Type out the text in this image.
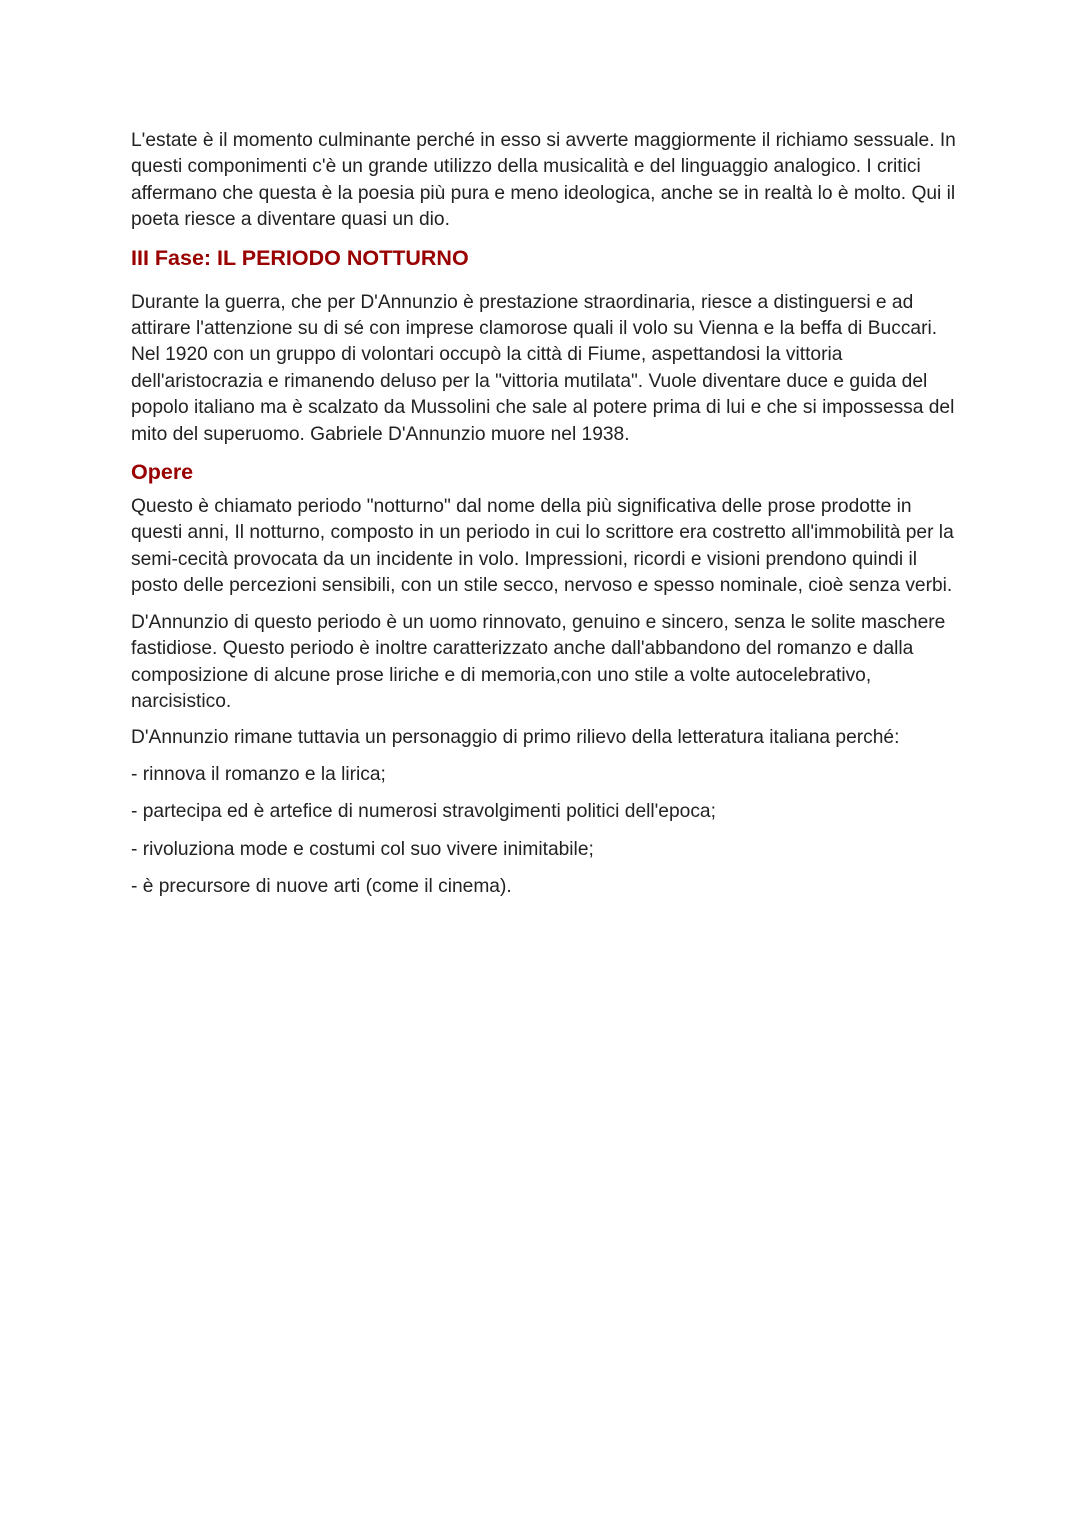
L'estate è il momento culminante perché in esso si avverte maggiormente il richiamo sessuale. In questi componimenti c'è un grande utilizzo della musicalità e del linguaggio analogico. I critici affermano che questa è la poesia più pura e meno ideologica, anche se in realtà lo è molto. Qui il poeta riesce a diventare quasi un dio.

III Fase: IL PERIODO NOTTURNO

Durante la guerra, che per D'Annunzio è prestazione straordinaria, riesce a distinguersi e ad attirare l'attenzione su di sé con imprese clamorose quali il volo su Vienna e la beffa di Buccari. Nel 1920 con un gruppo di volontari occupò la città di Fiume, aspettandosi la vittoria dell'aristocrazia e rimanendo deluso per la "vittoria mutilata". Vuole diventare duce e guida del popolo italiano ma è scalzato da Mussolini che sale al potere prima di lui e che si impossessa del mito del superuomo. Gabriele D'Annunzio muore nel 1938.

Opere

Questo è chiamato periodo "notturno" dal nome della più significativa delle prose prodotte in questi anni, Il notturno, composto in un periodo in cui lo scrittore era costretto all'immobilità per la semi-cecità provocata da un incidente in volo. Impressioni, ricordi e visioni prendono quindi il posto delle percezioni sensibili, con un stile secco, nervoso e spesso nominale, cioè senza verbi.

D'Annunzio di questo periodo è un uomo rinnovato, genuino e sincero, senza le solite maschere fastidiose. Questo periodo è inoltre caratterizzato anche dall'abbandono del romanzo e dalla composizione di alcune prose liriche e di memoria,con uno stile a volte autocelebrativo, narcisistico.

D'Annunzio rimane tuttavia un personaggio di primo rilievo della letteratura italiana perché:

- rinnova il romanzo e la lirica;

- partecipa ed è artefice di numerosi stravolgimenti politici dell'epoca;

- rivoluziona mode e costumi col suo vivere inimitabile;

- è precursore di nuove arti (come il cinema).
